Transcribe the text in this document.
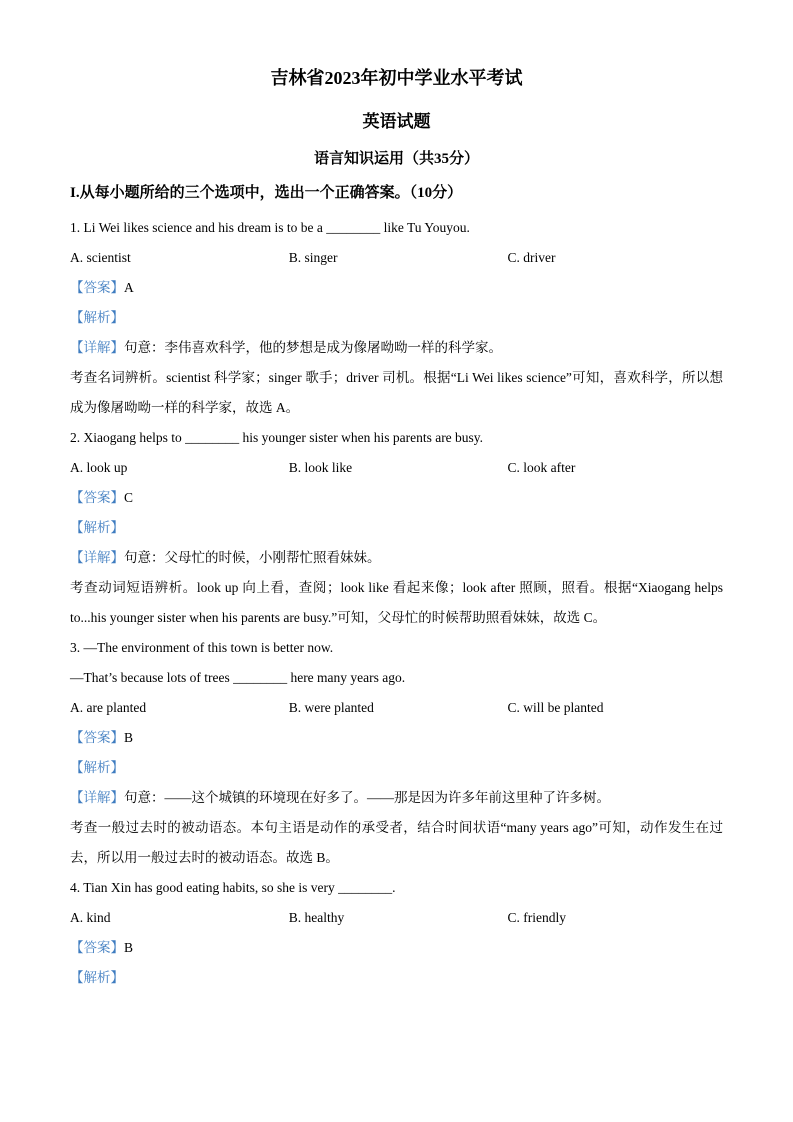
吉林省2023年初中学业水平考试
英语试题
语言知识运用（共35分）

I.从每小题所给的三个选项中，选出一个正确答案。（10分）

1. Li Wei likes science and his dream is to be a ________ like Tu Youyou.

A. scientist	B. singer	C. driver

【答案】A

【解析】

【详解】句意：李伟喜欢科学，他的梦想是成为像屠呦呦一样的科学家。

考查名词辨析。scientist 科学家；singer 歌手；driver 司机。根据“Li Wei likes science”可知，喜欢科学，所以想成为像屠呦呦一样的科学家，故选 A。

2. Xiaogang helps to ________ his younger sister when his parents are busy.

A. look up	B. look like	C. look after

【答案】C

【解析】

【详解】句意：父母忙的时候，小刚帮忙照看妹妹。

考查动词短语辨析。look up 向上看，查阅；look like 看起来像；look after 照顾，照看。根据“Xiaogang helps to...his younger sister when his parents are busy.”可知，父母忙的时候帮助照看妹妹，故选 C。

3. —The environment of this town is better now.

—That’s because lots of trees ________ here many years ago.

A. are planted	B. were planted	C. will be planted

【答案】B

【解析】

【详解】句意：——这个城镇的环境现在好多了。——那是因为许多年前这里种了许多树。

考查一般过去时的被动语态。本句主语是动作的承受者，结合时间状语“many years ago”可知，动作发生在过去，所以用一般过去时的被动语态。故选 B。

4. Tian Xin has good eating habits, so she is very ________.

A. kind	B. healthy	C. friendly

【答案】B

【解析】
